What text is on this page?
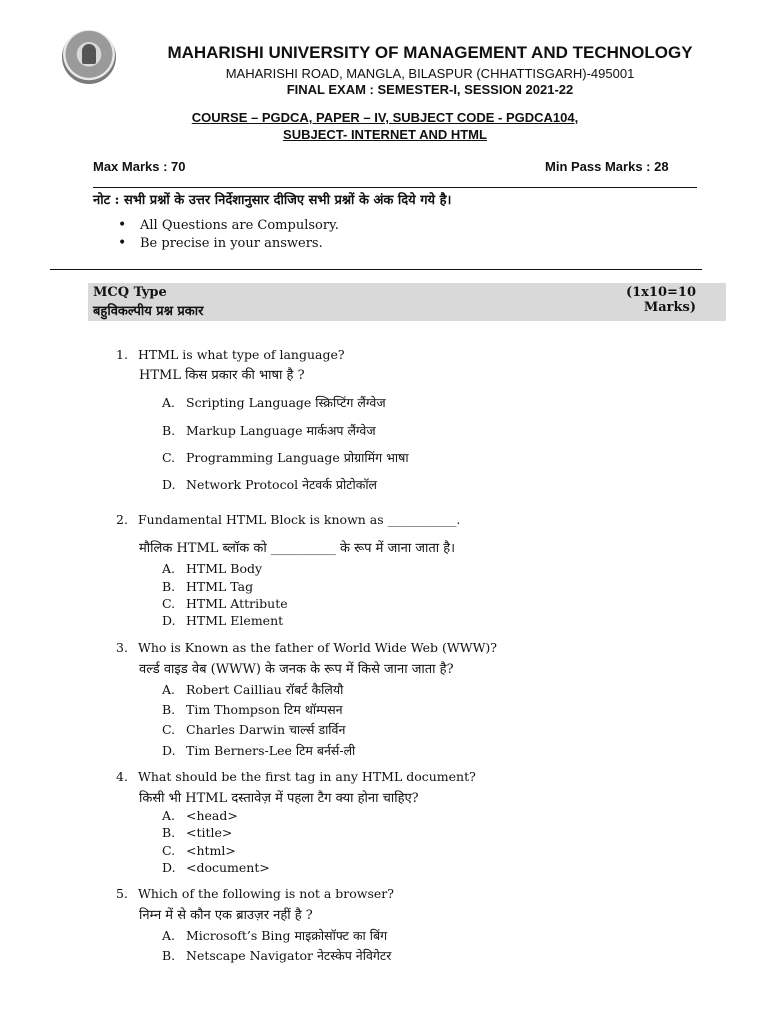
MAHARISHI UNIVERSITY OF MANAGEMENT AND TECHNOLOGY
MAHARISHI ROAD, MANGLA, BILASPUR (CHHATTISGARH)-495001
FINAL EXAM : SEMESTER-I, SESSION 2021-22
COURSE – PGDCA, PAPER – IV, SUBJECT CODE - PGDCA104,
SUBJECT- INTERNET AND HTML
Max Marks : 70	Min Pass Marks : 28
नोट : सभी प्रश्नों के उत्तर निर्देशानुसार दीजिए सभी प्रश्नों के अंक दिये गये है।
• All Questions are Compulsory.
• Be precise in your answers.
MCQ Type	(1x10=10 Marks)
बहुविकल्पीय प्रश्न प्रकार
1. HTML is what type of language?
HTML किस प्रकार की भाषा है ?
A. Scripting Language स्क्रिप्टिंग लैंग्वेज
B. Markup Language मार्कअप लैंग्वेज
C. Programming Language प्रोग्रामिंग भाषा
D. Network Protocol नेटवर्क प्रोटोकॉल
2. Fundamental HTML Block is known as ___________.
मौलिक HTML ब्लॉक को __________ के रूप में जाना जाता है।
A. HTML Body
B. HTML Tag
C. HTML Attribute
D. HTML Element
3. Who is Known as the father of World Wide Web (WWW)?
वर्ल्ड वाइड वेब (WWW) के जनक के रूप में किसे जाना जाता है?
A. Robert Cailliau रॉबर्ट कैलियौ
B. Tim Thompson टिम थॉम्पसन
C. Charles Darwin चार्ल्स डार्विन
D. Tim Berners-Lee टिम बर्नर्स-ली
4. What should be the first tag in any HTML document?
किसी भी HTML दस्तावेज़ में पहला टैग क्या होना चाहिए?
A. <head>
B. <title>
C. <html>
D. <document>
5. Which of the following is not a browser?
निम्न में से कौन एक ब्राउज़र नहीं है ?
A. Microsoft’s Bing माइक्रोसॉफ्ट का बिंग
B. Netscape Navigator नेटस्केप नेविगेटर
